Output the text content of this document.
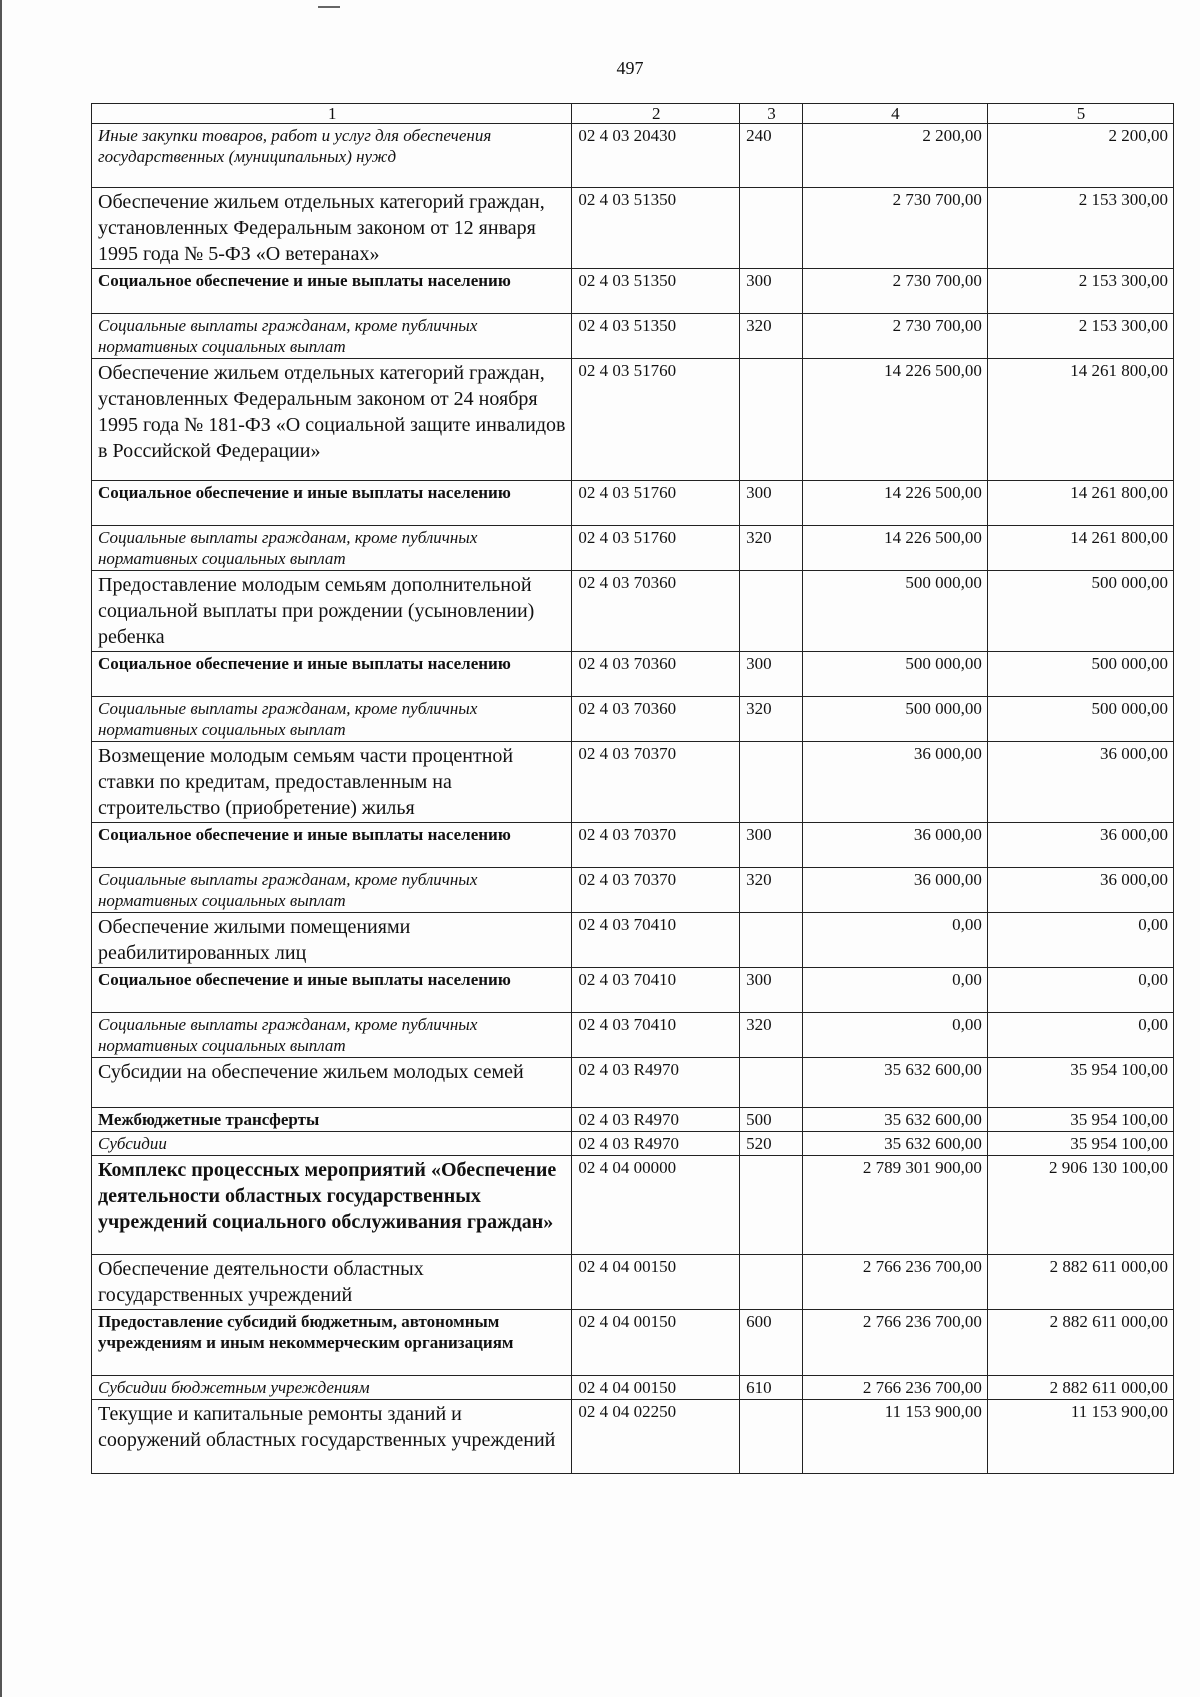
497
1	2	3	4	5
Иные закупки товаров, работ и услуг для обеспечения государственных (муниципальных) нужд	02 4 03 20430	240	2 200,00	2 200,00
Обеспечение жильем отдельных категорий граждан, установленных Федеральным законом от 12 января 1995 года № 5-ФЗ «О ветеранах»	02 4 03 51350		2 730 700,00	2 153 300,00
Социальное обеспечение и иные выплаты населению	02 4 03 51350	300	2 730 700,00	2 153 300,00
Социальные выплаты гражданам, кроме публичных нормативных социальных выплат	02 4 03 51350	320	2 730 700,00	2 153 300,00
Обеспечение жильем отдельных категорий граждан, установленных Федеральным законом от 24 ноября 1995 года № 181-ФЗ «О социальной защите инвалидов в Российской Федерации»	02 4 03 51760		14 226 500,00	14 261 800,00
Социальное обеспечение и иные выплаты населению	02 4 03 51760	300	14 226 500,00	14 261 800,00
Социальные выплаты гражданам, кроме публичных нормативных социальных выплат	02 4 03 51760	320	14 226 500,00	14 261 800,00
Предоставление молодым семьям дополнительной социальной выплаты при рождении (усыновлении) ребенка	02 4 03 70360		500 000,00	500 000,00
Социальное обеспечение и иные выплаты населению	02 4 03 70360	300	500 000,00	500 000,00
Социальные выплаты гражданам, кроме публичных нормативных социальных выплат	02 4 03 70360	320	500 000,00	500 000,00
Возмещение молодым семьям части процентной ставки по кредитам, предоставленным на строительство (приобретение) жилья	02 4 03 70370		36 000,00	36 000,00
Социальное обеспечение и иные выплаты населению	02 4 03 70370	300	36 000,00	36 000,00
Социальные выплаты гражданам, кроме публичных нормативных социальных выплат	02 4 03 70370	320	36 000,00	36 000,00
Обеспечение жилыми помещениями реабилитированных лиц	02 4 03 70410		0,00	0,00
Социальное обеспечение и иные выплаты населению	02 4 03 70410	300	0,00	0,00
Социальные выплаты гражданам, кроме публичных нормативных социальных выплат	02 4 03 70410	320	0,00	0,00
Субсидии на обеспечение жильем молодых семей	02 4 03 R4970		35 632 600,00	35 954 100,00
Межбюджетные трансферты	02 4 03 R4970	500	35 632 600,00	35 954 100,00
Субсидии	02 4 03 R4970	520	35 632 600,00	35 954 100,00
Комплекс процессных мероприятий «Обеспечение деятельности областных государственных учреждений социального обслуживания граждан»	02 4 04 00000		2 789 301 900,00	2 906 130 100,00
Обеспечение деятельности областных государственных учреждений	02 4 04 00150		2 766 236 700,00	2 882 611 000,00
Предоставление субсидий бюджетным, автономным учреждениям и иным некоммерческим организациям	02 4 04 00150	600	2 766 236 700,00	2 882 611 000,00
Субсидии бюджетным учреждениям	02 4 04 00150	610	2 766 236 700,00	2 882 611 000,00
Текущие и капитальные ремонты зданий и сооружений областных государственных учреждений	02 4 04 02250		11 153 900,00	11 153 900,00
